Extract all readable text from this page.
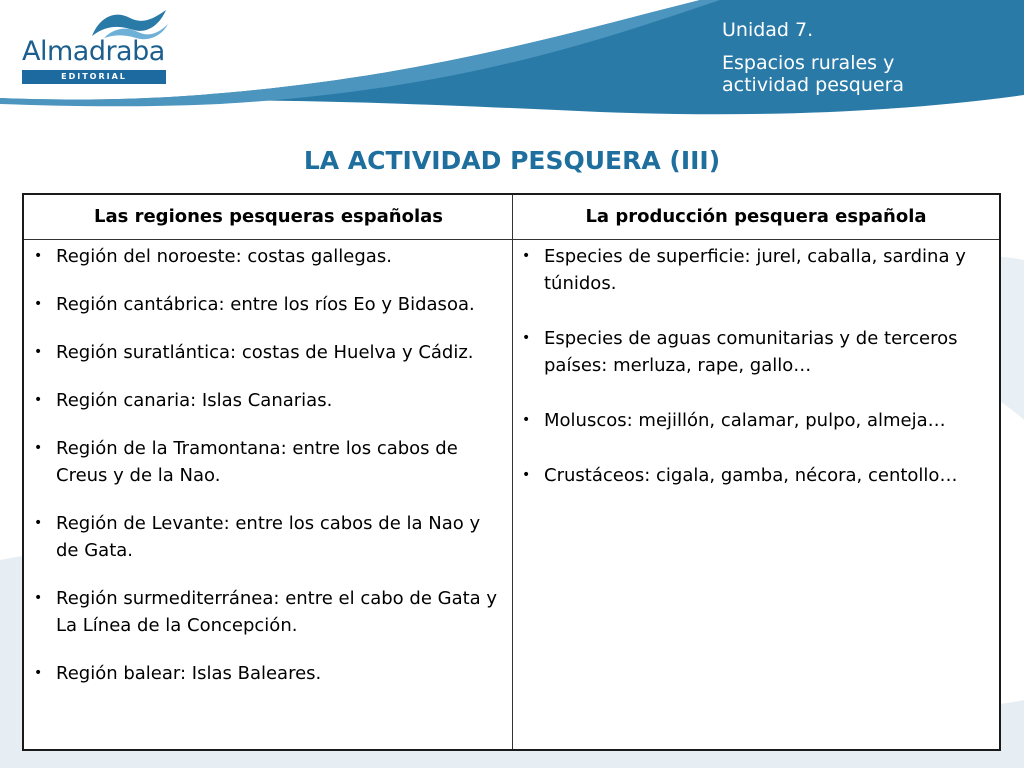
Almadraba
EDITORIAL
Unidad 7.
Espacios rurales y
actividad pesquera
LA ACTIVIDAD PESQUERA (III)
Las regiones pesqueras españolas	La producción pesquera española
• Región del noroeste: costas gallegas.
• Región cantábrica: entre los ríos Eo y Bidasoa.
• Región suratlántica: costas de Huelva y Cádiz.
• Región canaria: Islas Canarias.
• Región de la Tramontana: entre los cabos de Creus y de la Nao.
• Región de Levante: entre los cabos de la Nao y de Gata.
• Región surmediterránea: entre el cabo de Gata y La Línea de la Concepción.
• Región balear: Islas Baleares.
• Especies de superficie: jurel, caballa, sardina y túnidos.
• Especies de aguas comunitarias y de terceros países: merluza, rape, gallo…
• Moluscos: mejillón, calamar, pulpo, almeja…
• Crustáceos: cigala, gamba, nécora, centollo…
